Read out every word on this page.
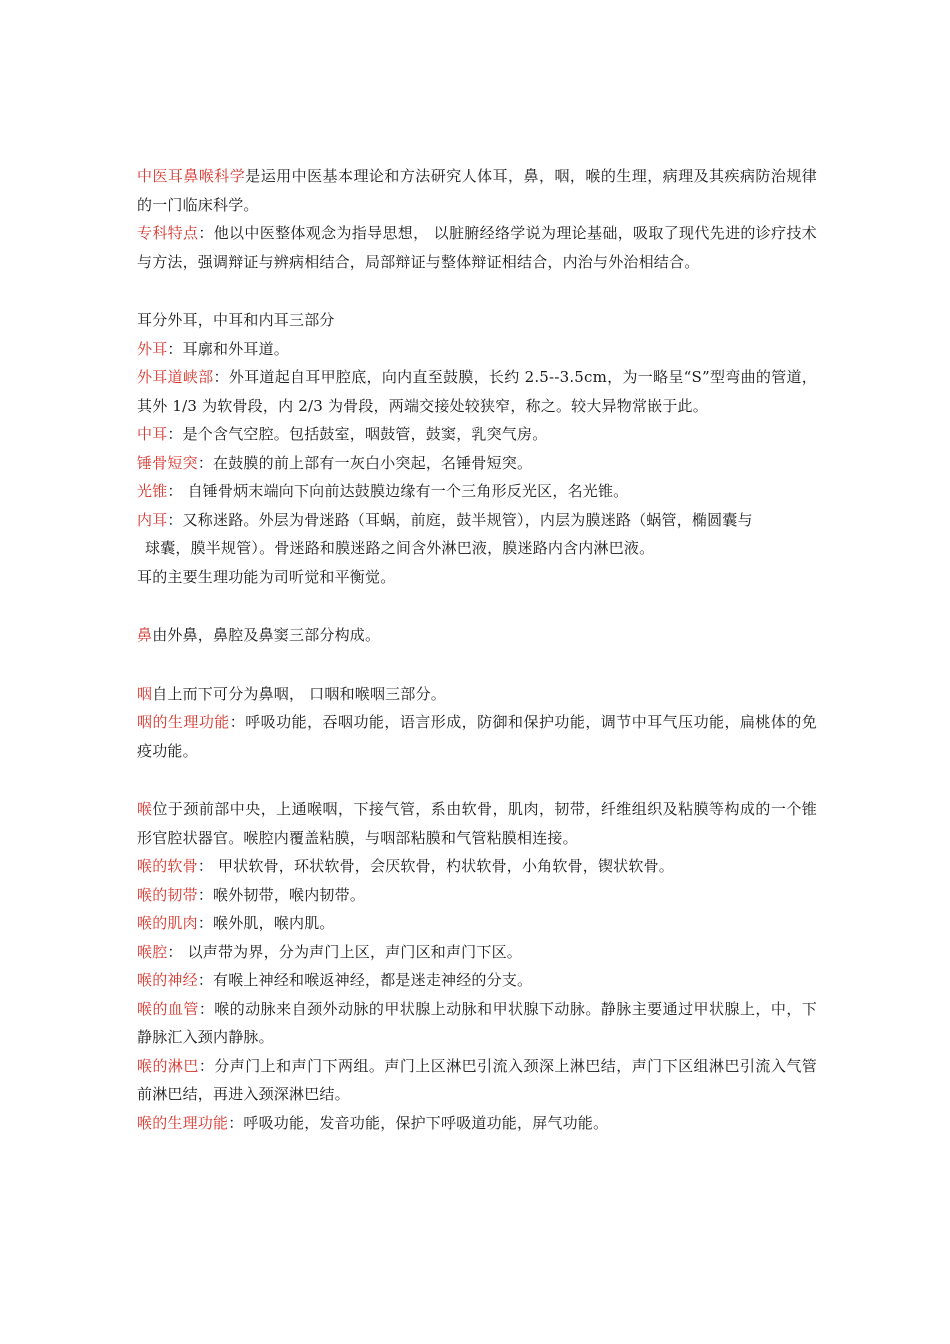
中医耳鼻喉科学是运用中医基本理论和方法研究人体耳，鼻，咽，喉的生理，病理及其疾病防治规律的一门临床科学。

专科特点：他以中医整体观念为指导思想， 以脏腑经络学说为理论基础，吸取了现代先进的诊疗技术与方法，强调辩证与辨病相结合，局部辩证与整体辩证相结合，内治与外治相结合。

耳分外耳，中耳和内耳三部分

外耳：耳廓和外耳道。

外耳道峡部：外耳道起自耳甲腔底，向内直至鼓膜，长约 2.5--3.5cm，为一略呈“S”型弯曲的管道，其外 1/3 为软骨段，内 2/3 为骨段，两端交接处较狭窄，称之。较大异物常嵌于此。

中耳：是个含气空腔。包括鼓室，咽鼓管，鼓窦，乳突气房。

锤骨短突：在鼓膜的前上部有一灰白小突起，名锤骨短突。

光锥： 自锤骨炳末端向下向前达鼓膜边缘有一个三角形反光区，名光锥。

内耳：又称迷路。外层为骨迷路（耳蜗，前庭，鼓半规管），内层为膜迷路（蜗管，椭圆囊与
球囊，膜半规管）。骨迷路和膜迷路之间含外淋巴液，膜迷路内含内淋巴液。

耳的主要生理功能为司听觉和平衡觉。

鼻由外鼻，鼻腔及鼻窦三部分构成。

咽自上而下可分为鼻咽， 口咽和喉咽三部分。

咽的生理功能：呼吸功能，吞咽功能，语言形成，防御和保护功能，调节中耳气压功能，扁桃体的免疫功能。

喉位于颈前部中央，上通喉咽，下接气管，系由软骨，肌肉，韧带，纤维组织及粘膜等构成的一个锥形官腔状器官。喉腔内覆盖粘膜，与咽部粘膜和气管粘膜相连接。

喉的软骨： 甲状软骨，环状软骨，会厌软骨，杓状软骨，小角软骨，锲状软骨。

喉的韧带：喉外韧带，喉内韧带。

喉的肌肉：喉外肌，喉内肌。

喉腔： 以声带为界，分为声门上区，声门区和声门下区。

喉的神经：有喉上神经和喉返神经，都是迷走神经的分支。

喉的血管：喉的动脉来自颈外动脉的甲状腺上动脉和甲状腺下动脉。静脉主要通过甲状腺上，中，下静脉汇入颈内静脉。

喉的淋巴：分声门上和声门下两组。声门上区淋巴引流入颈深上淋巴结，声门下区组淋巴引流入气管前淋巴结，再进入颈深淋巴结。

喉的生理功能：呼吸功能，发音功能，保护下呼吸道功能，屏气功能。
